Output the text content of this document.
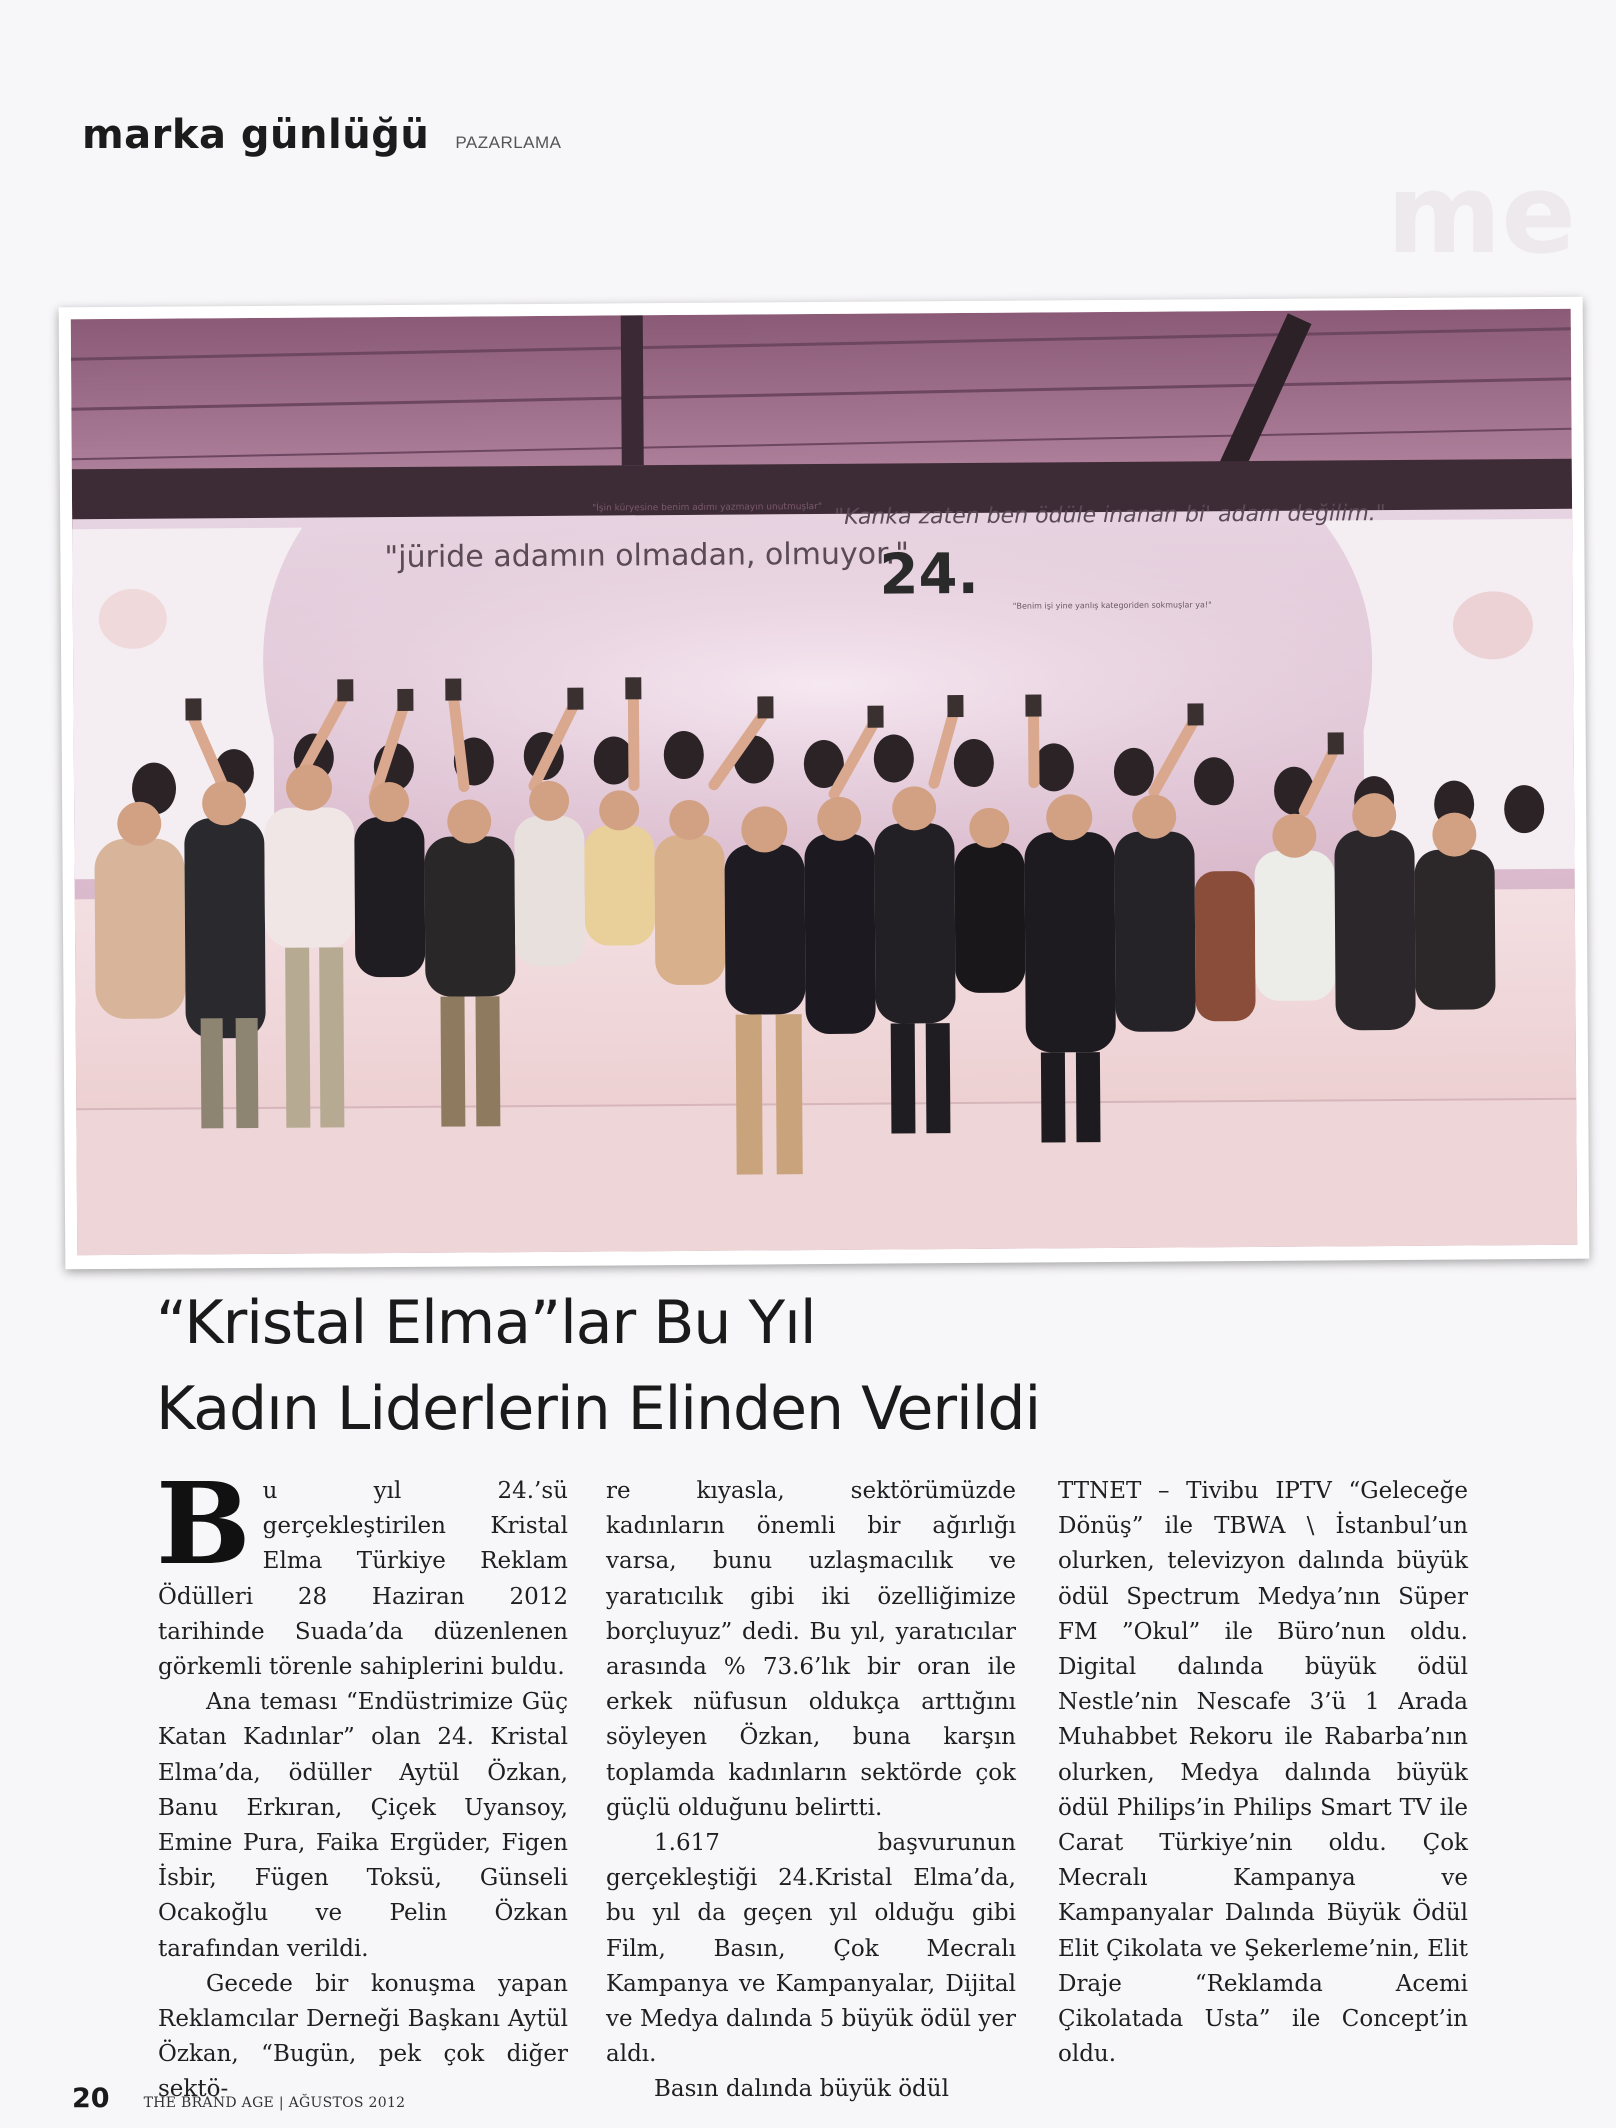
marka günlüğü PAZARLAMA
me
"İşin küryesine benim adımı yazmayın unutmuşlar"
"jüride adamın olmadan, olmuyor."
"Kanka zaten ben ödüle inanan bi' adam değilim."
24.	"Benim işi yine yanlış kategoriden sokmuşlar ya!"
“Kristal Elma”lar Bu Yıl
Kadın Liderlerin Elinden Verildi

Bu yıl 24.’sü gerçekleştirilen Kristal Elma Türkiye Reklam Ödülleri 28 Haziran 2012 tarihinde Suada’da düzenlenen görkemli törenle sahiplerini buldu.

Ana teması “Endüstrimize Güç Katan Kadınlar” olan 24. Kristal Elma’da, ödüller Aytül Özkan, Banu Erkıran, Çiçek Uyansoy, Emine Pura, Faika Ergüder, Figen İsbir, Fügen Toksü, Günseli Ocakoğlu ve Pelin Özkan tarafından verildi.

Gecede bir konuşma yapan Reklamcılar Derneği Başkanı Aytül Özkan, “Bugün, pek çok diğer sektö-

re kıyasla, sektörümüzde kadınların önemli bir ağırlığı varsa, bunu uzlaşmacılık ve yaratıcılık gibi iki özelliğimize borçluyuz” dedi. Bu yıl, yaratıcılar arasında % 73.6’lık bir oran ile erkek nüfusun oldukça arttığını söyleyen Özkan, buna karşın toplamda kadınların sektörde çok güçlü olduğunu belirtti.

1.617 başvurunun gerçekleştiği 24.Kristal Elma’da, bu yıl da geçen yıl olduğu gibi Film, Basın, Çok Mecralı Kampanya ve Kampanyalar, Dijital ve Medya dalında 5 büyük ödül yer aldı.

Basın dalında büyük ödül

TTNET – Tivibu IPTV “Geleceğe Dönüş” ile TBWA \ İstanbul’un olurken, televizyon dalında büyük ödül Spectrum Medya’nın Süper FM ”Okul” ile Büro’nun oldu. Digital dalında büyük ödül Nestle’nin Nescafe 3’ü 1 Arada Muhabbet Rekoru ile Rabarba’nın olurken, Medya dalında büyük ödül Philips’in Philips Smart TV ile Carat Türkiye’nin oldu. Çok Mecralı Kampanya ve Kampanyalar Dalında Büyük Ödül Elit Çikolata ve Şekerleme’nin, Elit Draje “Reklamda Acemi Çikolatada Usta” ile Concept’in oldu.

20 THE BRAND AGE | AĞUSTOS 2012
